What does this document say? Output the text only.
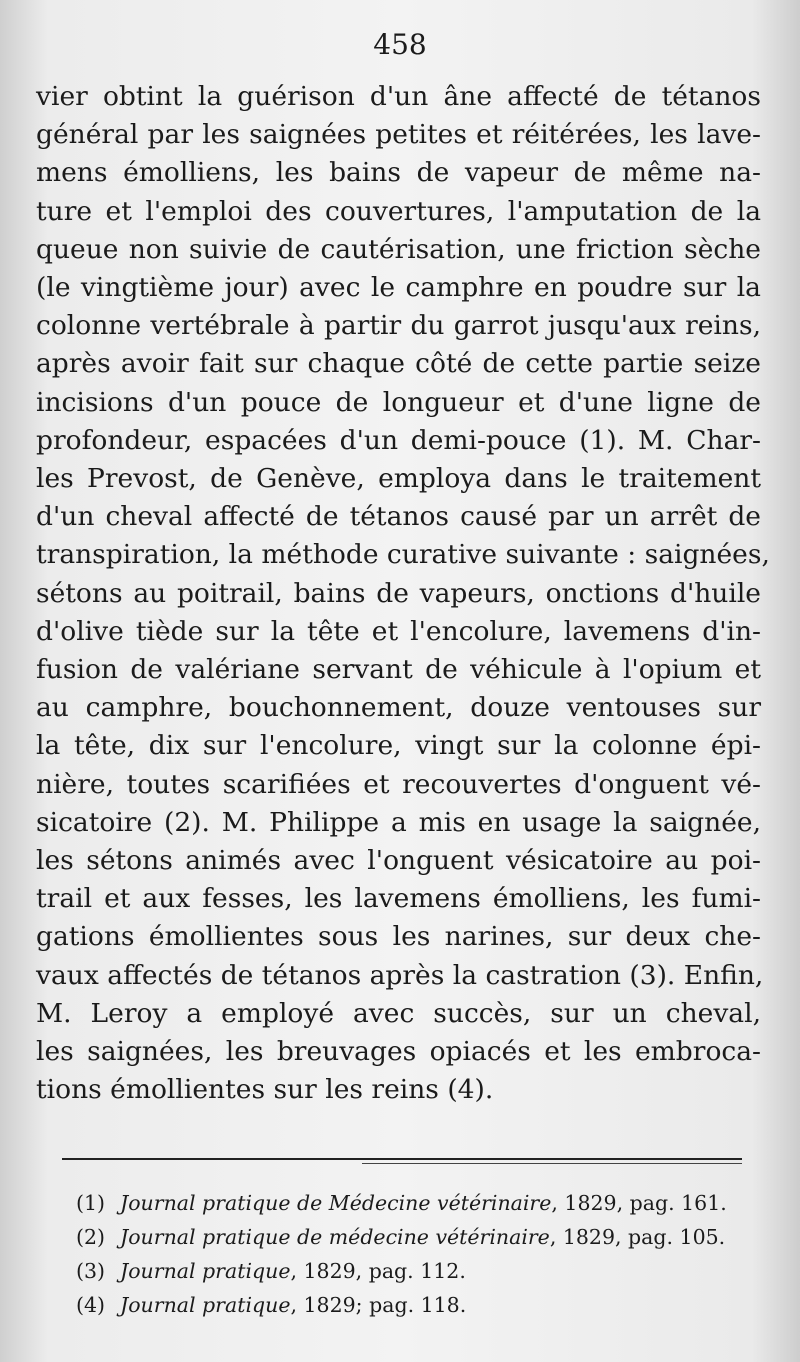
458
vier obtint la guérison d'un âne affecté de tétanos
général par les saignées petites et réitérées, les lave-
mens émolliens, les bains de vapeur de même na-
ture et l'emploi des couvertures, l'amputation de la
queue non suivie de cautérisation, une friction sèche
(le vingtième jour) avec le camphre en poudre sur la
colonne vertébrale à partir du garrot jusqu'aux reins,
après avoir fait sur chaque côté de cette partie seize
incisions d'un pouce de longueur et d'une ligne de
profondeur, espacées d'un demi-pouce (1). M. Char-
les Prevost, de Genève, employa dans le traitement
d'un cheval affecté de tétanos causé par un arrêt de
transpiration, la méthode curative suivante : saignées,
sétons au poitrail, bains de vapeurs, onctions d'huile
d'olive tiède sur la tête et l'encolure, lavemens d'in-
fusion de valériane servant de véhicule à l'opium et
au camphre, bouchonnement, douze ventouses sur
la tête, dix sur l'encolure, vingt sur la colonne épi-
nière, toutes scarifiées et recouvertes d'onguent vé-
sicatoire (2). M. Philippe a mis en usage la saignée,
les sétons animés avec l'onguent vésicatoire au poi-
trail et aux fesses, les lavemens émolliens, les fumi-
gations émollientes sous les narines, sur deux che-
vaux affectés de tétanos après la castration (3). Enfin,
M. Leroy a employé avec succès, sur un cheval,
les saignées, les breuvages opiacés et les embroca-
tions émollientes sur les reins (4).
(1) Journal pratique de Médecine vétérinaire, 1829, pag. 161.
(2) Journal pratique de médecine vétérinaire, 1829, pag. 105.
(3) Journal pratique, 1829, pag. 112.
(4) Journal pratique, 1829; pag. 118.
